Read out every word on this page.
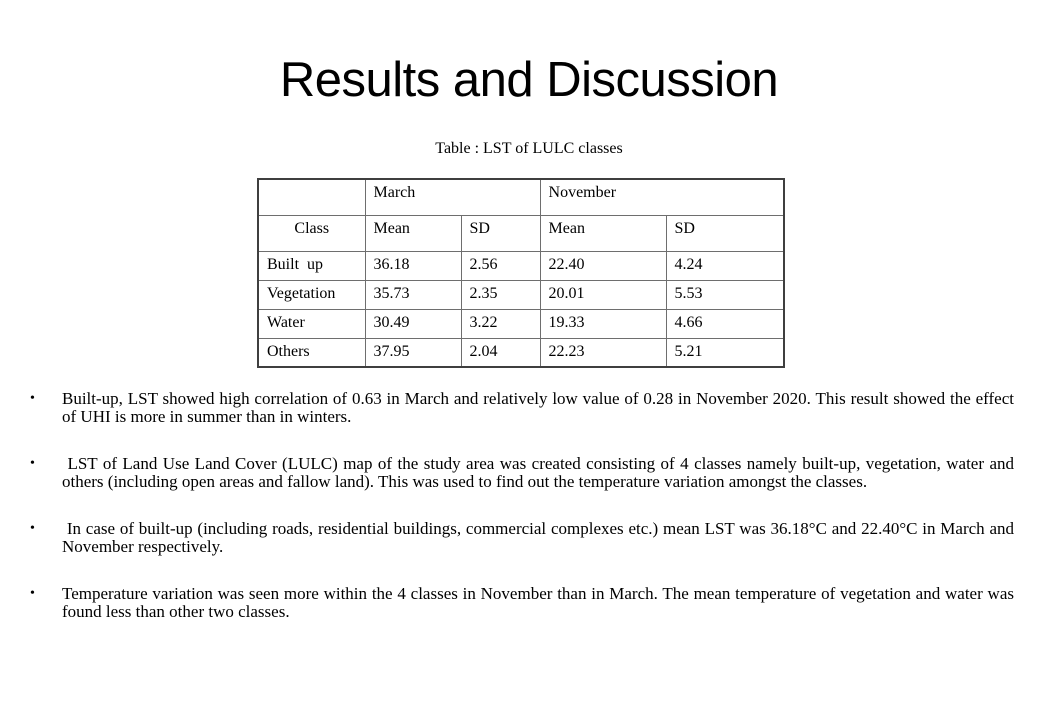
Results and Discussion
Table : LST of LULC classes
	March		November	
Class	Mean	SD	Mean	SD
Built  up	36.18	2.56	22.40	4.24
Vegetation	35.73	2.35	20.01	5.53
Water	30.49	3.22	19.33	4.66
Others	37.95	2.04	22.23	5.21
•	Built-up, LST showed high correlation of 0.63 in March and relatively low value of 0.28 in November 2020. This result showed the effect of UHI is more in summer than in winters.

•	LST of Land Use Land Cover (LULC) map of the study area was created consisting of 4 classes namely built-up, vegetation, water and others (including open areas and fallow land). This was used to find out the temperature variation amongst the classes.

•	In case of built-up (including roads, residential buildings, commercial complexes etc.) mean LST was 36.18°C and 22.40°C in March and November respectively.

•	Temperature variation was seen more within the 4 classes in November than in March. The mean temperature of vegetation and water was found less than other two classes.
